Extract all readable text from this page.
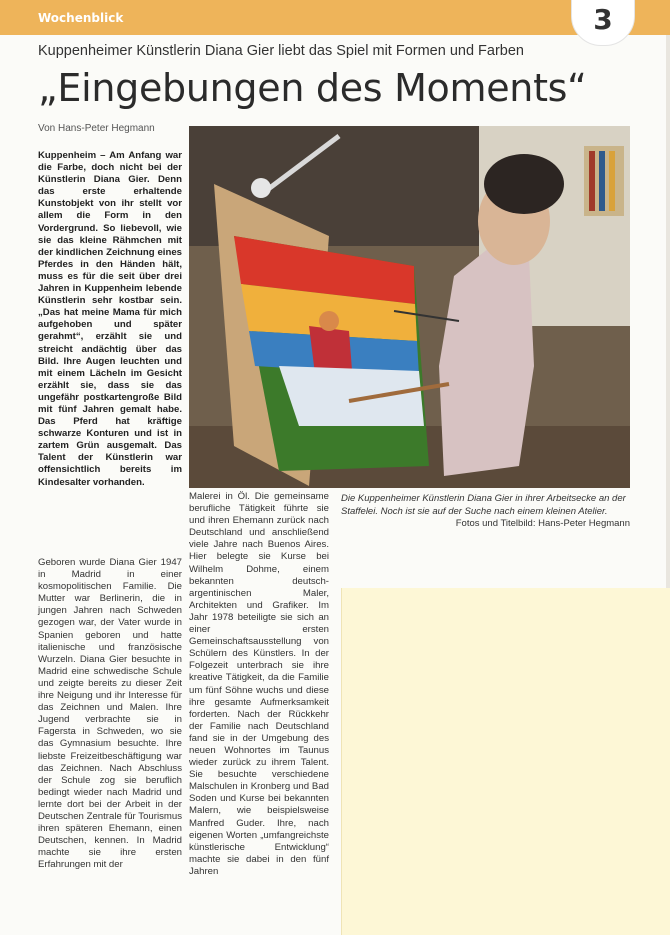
Wochenblick	3
Kuppenheimer Künstlerin Diana Gier liebt das Spiel mit Formen und Farben
„Eingebungen des Moments“
Von Hans-Peter Hegmann
Kuppenheim – Am Anfang war die Farbe, doch nicht bei der Künstlerin Diana Gier. Denn das erste erhaltende Kunstobjekt von ihr stellt vor allem die Form in den Vordergrund. So liebevoll, wie sie das kleine Rähmchen mit der kindlichen Zeichnung eines Pferdes in den Händen hält, muss es für die seit über drei Jahren in Kuppenheim lebende Künstlerin sehr kostbar sein. „Das hat meine Mama für mich aufgehoben und später gerahmt“, erzählt sie und streicht andächtig über das Bild. Ihre Augen leuchten und mit einem Lächeln im Gesicht erzählt sie, dass sie das ungefähr postkartengroße Bild mit fünf Jahren gemalt habe. Das Pferd hat kräftige schwarze Konturen und ist in zartem Grün ausgemalt. Das Talent der Künstlerin war offensichtlich bereits im Kindesalter vorhanden.
Geboren wurde Diana Gier 1947 in Madrid in einer kosmopolitischen Familie. Die Mutter war Berlinerin, die in jungen Jahren nach Schweden gezogen war, der Vater wurde in Spanien geboren und hatte italienische und französische Wurzeln. Diana Gier besuchte in Madrid eine schwedische Schule und zeigte bereits zu dieser Zeit ihre Neigung und ihr Interesse für das Zeichnen und Malen. Ihre Jugend verbrachte sie in Fagersta in Schweden, wo sie das Gymnasium besuchte. Ihre liebste Freizeitbeschäftigung war das Zeichnen. Nach Abschluss der Schule zog sie beruflich bedingt wieder nach Madrid und lernte dort bei der Arbeit in der Deutschen Zentrale für Tourismus ihren späteren Ehemann, einen Deutschen, kennen. In Madrid machte sie ihre ersten Erfahrungen mit der
Malerei in Öl. Die gemeinsame berufliche Tätigkeit führte sie und ihren Ehemann zurück nach Deutschland und anschließend viele Jahre nach Buenos Aires. Hier belegte sie Kurse bei Wilhelm Dohme, einem bekannten deutsch-argentinischen Maler, Architekten und Grafiker. Im Jahr 1978 beteiligte sie sich an einer ersten Gemeinschaftsausstellung von Schülern des Künstlers. In der Folgezeit unterbrach sie ihre kreative Tätigkeit, da die Familie um fünf Söhne wuchs und diese ihre gesamte Aufmerksamkeit forderten. Nach der Rückkehr der Familie nach Deutschland fand sie in der Umgebung des neuen Wohnortes im Taunus wieder zurück zu ihrem Talent. Sie besuchte verschiedene Malschulen in Kronberg und Bad Soden und Kurse bei bekannten Malern, wie beispielsweise Manfred Guder. Ihre, nach eigenen Worten „umfangreichste künstlerische Entwicklung“ machte sie dabei in den fünf Jahren
Die Kuppenheimer Künstlerin Diana Gier in ihrer Arbeitsecke an der Staffelei. Noch ist sie auf der Suche nach einem kleinen Atelier.
Fotos und Titelbild: Hans-Peter Hegmann
